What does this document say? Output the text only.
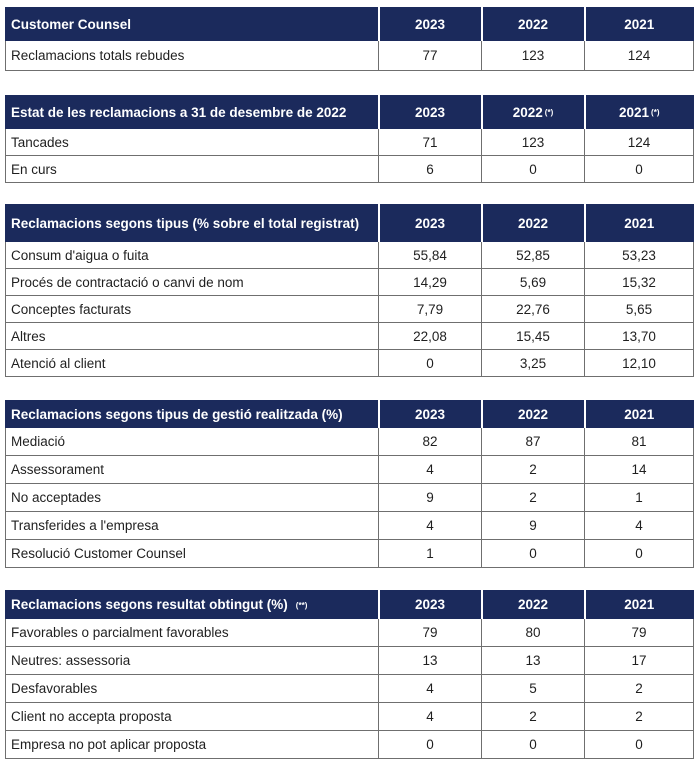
Customer Counsel	2023	2022	2021
Reclamacions totals rebudes	77	123	124
Estat de les reclamacions a 31 de desembre de 2022	2023	2022 (*)	2021 (*)
Tancades	71	123	124
En curs	6	0	0
Reclamacions segons tipus (% sobre el total registrat)	2023	2022	2021
Consum d'aigua o fuita	55,84	52,85	53,23
Procés de contractació o canvi de nom	14,29	5,69	15,32
Conceptes facturats	7,79	22,76	5,65
Altres	22,08	15,45	13,70
Atenció al client	0	3,25	12,10
Reclamacions segons tipus de gestió realitzada (%)	2023	2022	2021
Mediació	82	87	81
Assessorament	4	2	14
No acceptades	9	2	1
Transferides a l'empresa	4	9	4
Resolució Customer Counsel	1	0	0
Reclamacions segons resultat obtingut (%) (**)	2023	2022	2021
Favorables o parcialment favorables	79	80	79
Neutres: assessoria	13	13	17
Desfavorables	4	5	2
Client no accepta proposta	4	2	2
Empresa no pot aplicar proposta	0	0	0
